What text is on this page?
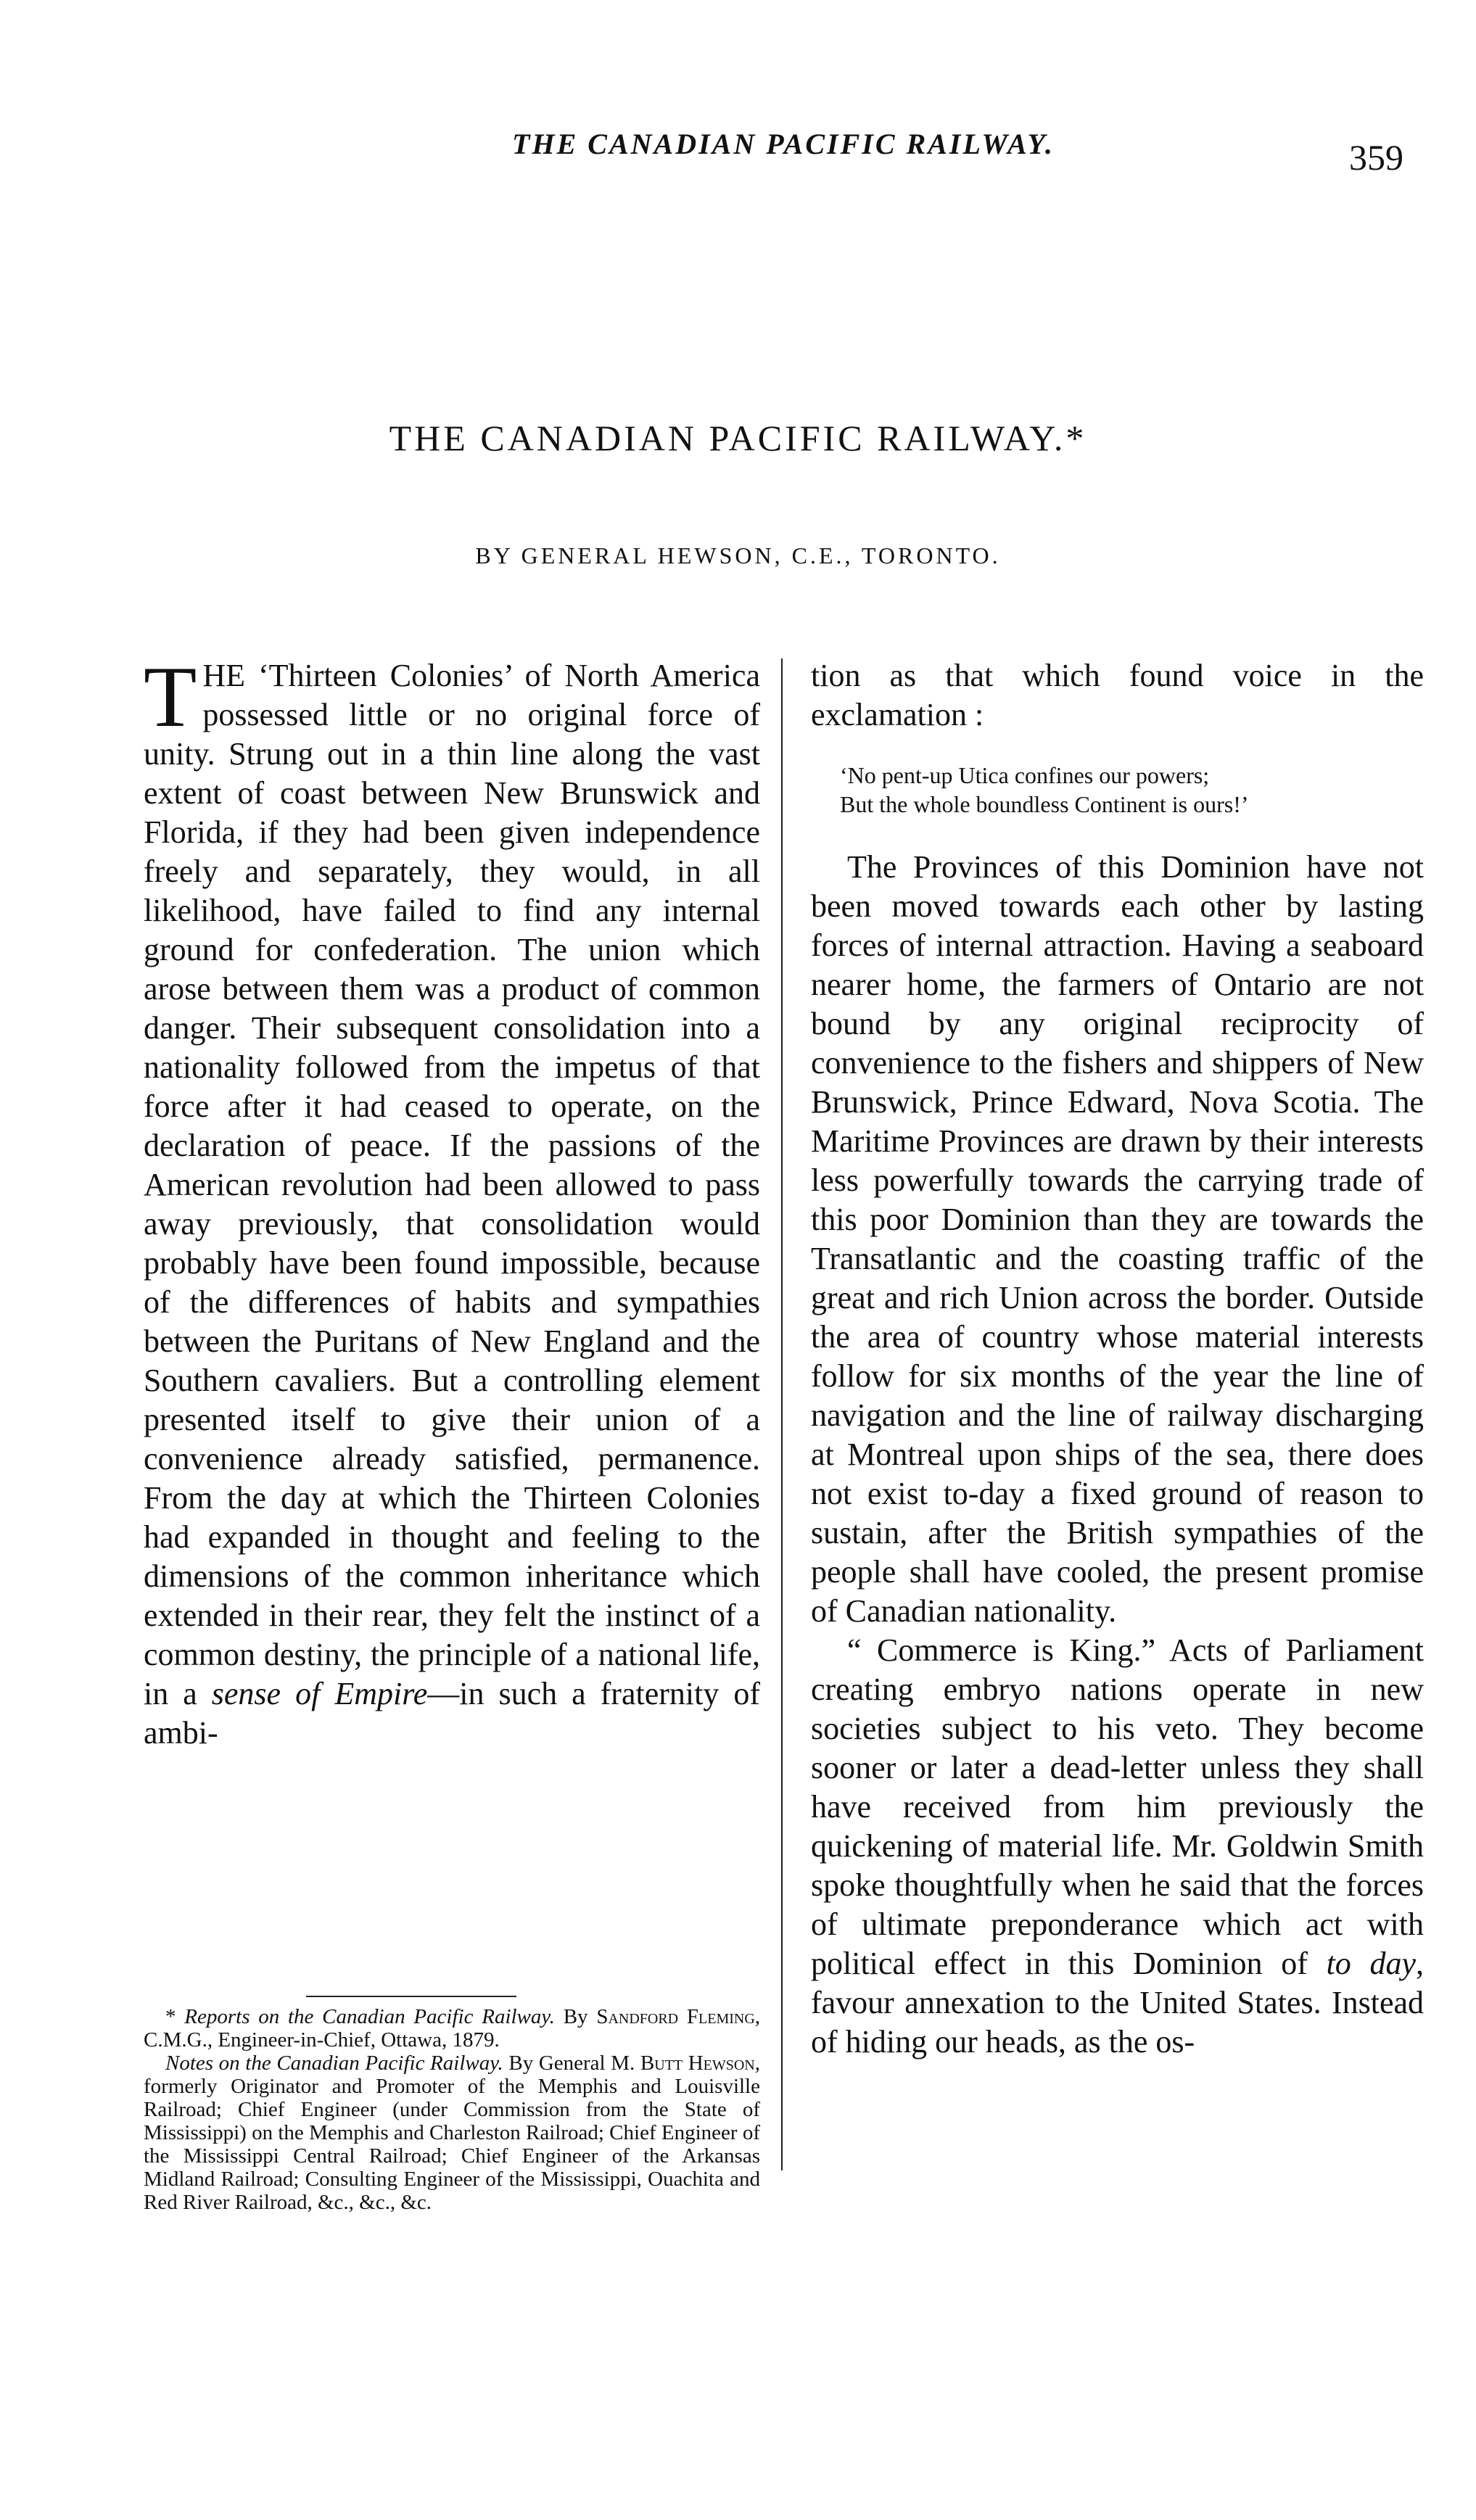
THE CANADIAN PACIFIC RAILWAY.	359
THE CANADIAN PACIFIC RAILWAY.*
BY GENERAL HEWSON, C.E., TORONTO.

THE ‘Thirteen Colonies’ of North America possessed little or no original force of unity. Strung out in a thin line along the vast extent of coast between New Brunswick and Florida, if they had been given independence freely and separately, they would, in all likelihood, have failed to find any internal ground for confederation. The union which arose between them was a product of common danger. Their subsequent consolidation into a nationality followed from the impetus of that force after it had ceased to operate, on the declaration of peace. If the passions of the American revolution had been allowed to pass away previously, that consolidation would probably have been found impossible, because of the differences of habits and sympathies between the Puritans of New England and the Southern cavaliers. But a controlling element presented itself to give their union of a convenience already satisfied, permanence. From the day at which the Thirteen Colonies had expanded in thought and feeling to the dimensions of the common inheritance which extended in their rear, they felt the instinct of a common destiny, the principle of a national life, in a sense of Empire—in such a fraternity of ambi-

tion as that which found voice in the exclamation :

‘No pent-up Utica confines our powers;
But the whole boundless Continent is ours!’

The Provinces of this Dominion have not been moved towards each other by lasting forces of internal attraction. Having a seaboard nearer home, the farmers of Ontario are not bound by any original reciprocity of convenience to the fishers and shippers of New Brunswick, Prince Edward, Nova Scotia. The Maritime Provinces are drawn by their interests less powerfully towards the carrying trade of this poor Dominion than they are towards the Transatlantic and the coasting traffic of the great and rich Union across the border. Outside the area of country whose material interests follow for six months of the year the line of navigation and the line of railway discharging at Montreal upon ships of the sea, there does not exist to-day a fixed ground of reason to sustain, after the British sympathies of the people shall have cooled, the present promise of Canadian nationality.

“ Commerce is King.” Acts of Parliament creating embryo nations operate in new societies subject to his veto. They become sooner or later a dead-letter unless they shall have received from him previously the quickening of material life. Mr. Goldwin Smith spoke thoughtfully when he said that the forces of ultimate preponderance which act with political effect in this Dominion of to day, favour annexation to the United States. Instead of hiding our heads, as the os-

* Reports on the Canadian Pacific Railway. By Sandford Fleming, C.M.G., Engineer-in-Chief, Ottawa, 1879.

Notes on the Canadian Pacific Railway. By General M. Butt Hewson, formerly Originator and Promoter of the Memphis and Louisville Railroad; Chief Engineer (under Commission from the State of Mississippi) on the Memphis and Charleston Railroad; Chief Engineer of the Mississippi Central Railroad; Chief Engineer of the Arkansas Midland Railroad; Consulting Engineer of the Mississippi, Ouachita and Red River Railroad, &c., &c., &c.
